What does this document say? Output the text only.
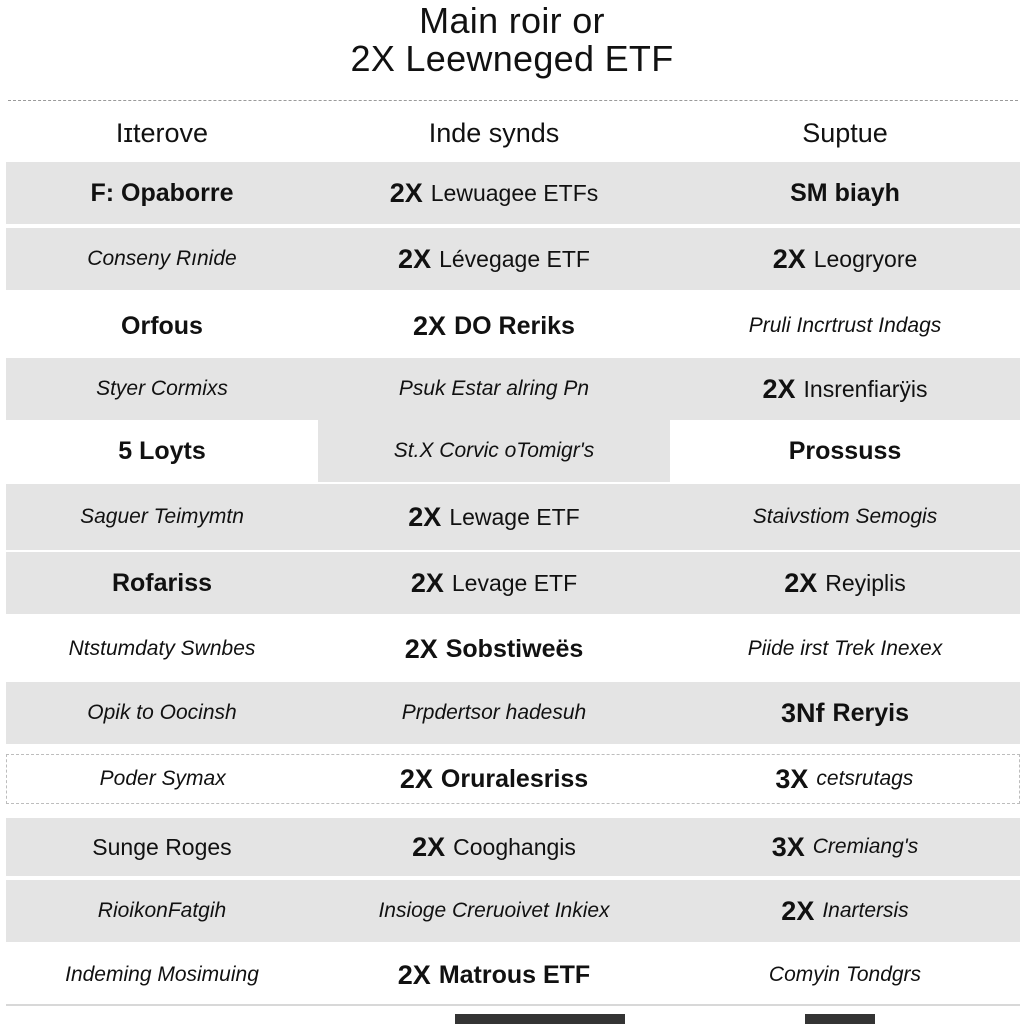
Main roir or
2X Leewneged ETF
Iɪterove	Inde synds	Suptue
F: Opaborre	2X Lewuagee ETFs	SM biayh
Conseny Rınide	2X Lévegage ETF	2X Leogryore
Orfous	2X DO Reriks	Pruli Incrtrust Indags
Styer Cormixs	Psuk Estar alring Pn	2X Insrenfiarÿis
5 Loyts	St.X Corvic oTomigr's	Prossuss
Saguer Teimymtn	2X Lewage ETF	Staivstiom Semogis
Rofariss	2X Levage ETF	2X Reyiplis
Ntstumdaty Swnbes	2X Sobstiweës	Piide irst Trek Inexex
Opik to Oocinsh	Prpdertsor hadesuh	3Nf Reryis
Poder Symax	2X Oruralesriss	3X cetsrutags
Sunge Roges	2X Cooghangis	3X Cremiang's
RioikonFatgih	Insioge Creruoivet Inkiex	2X Inartersis
Indeming Mosimuing	2X Matrous ETF	Comyin Tondgrs
